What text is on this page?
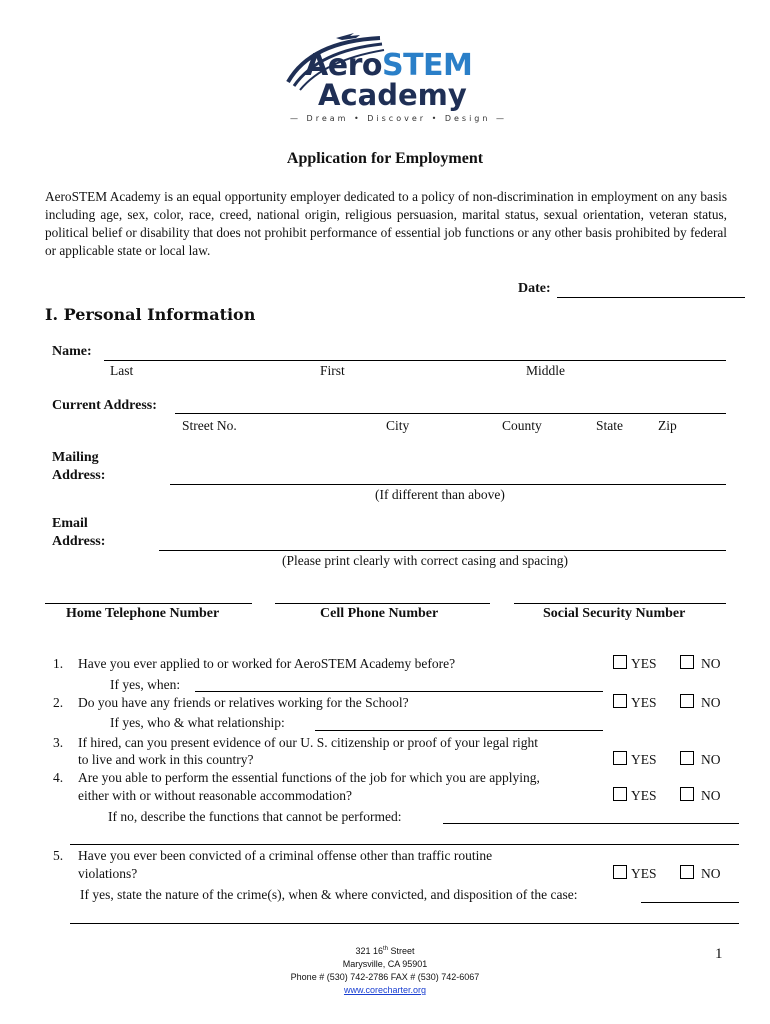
AeroSTEM
Academy
— Dream • Discover • Design —
Application for Employment
AeroSTEM Academy is an equal opportunity employer dedicated to a policy of non-discrimination in employment on any basis including age, sex, color, race, creed, national origin, religious persuasion, marital status, sexual orientation, veteran status, political belief or disability that does not prohibit performance of essential job functions or any other basis prohibited by federal or applicable state or local law.
Date:
I. Personal Information
Name:
Last	First	Middle
Current Address:
Street No.	City	County	State	Zip
Mailing
Address:
(If different than above)
Email
Address:
(Please print clearly with correct casing and spacing)
Home Telephone Number	Cell Phone Number	Social Security Number
1. Have you ever applied to or worked for AeroSTEM Academy before?	YES	NO
If yes, when:
2. Do you have any friends or relatives working for the School?	YES	NO
If yes, who & what relationship:
3. If hired, can you present evidence of our U. S. citizenship or proof of your legal right
to live and work in this country?	YES	NO
4. Are you able to perform the essential functions of the job for which you are applying,
either with or without reasonable accommodation?	YES	NO
If no, describe the functions that cannot be performed:
5. Have you ever been convicted of a criminal offense other than traffic routine
violations?	YES	NO
If yes, state the nature of the crime(s), when & where convicted, and disposition of the case:
321 16th Street
Marysville, CA 95901
Phone # (530) 742-2786 FAX # (530) 742-6067
www.corecharter.org
1
